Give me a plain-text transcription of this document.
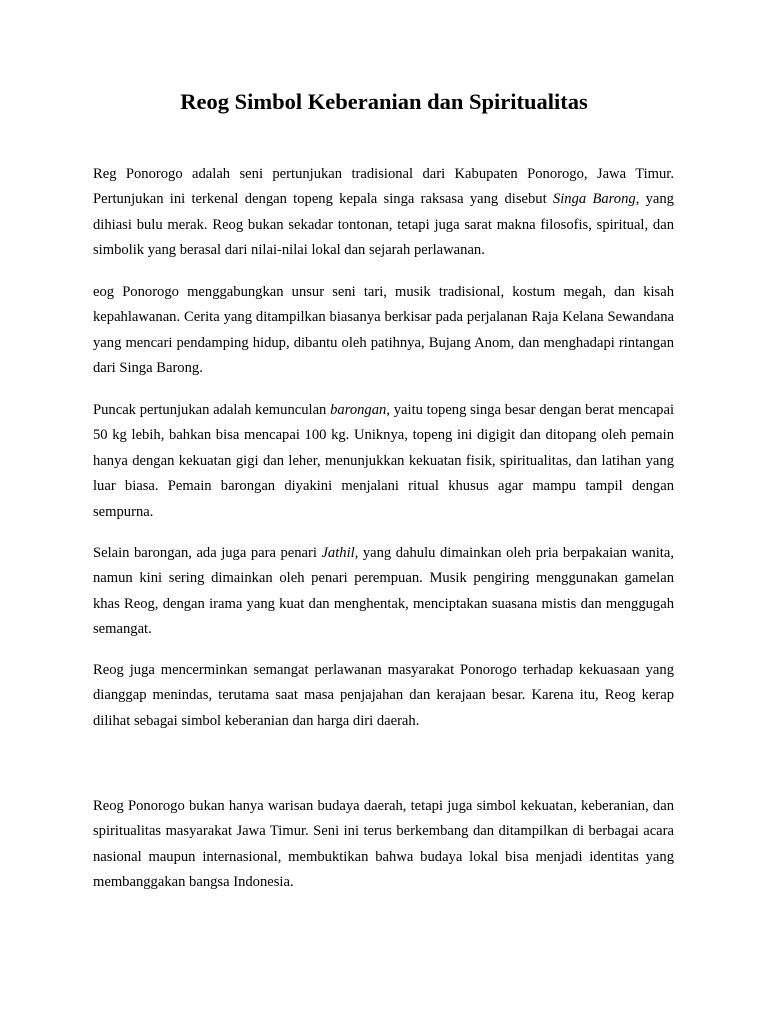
Reog Simbol Keberanian dan Spiritualitas

Reg Ponorogo adalah seni pertunjukan tradisional dari Kabupaten Ponorogo, Jawa Timur. Pertunjukan ini terkenal dengan topeng kepala singa raksasa yang disebut Singa Barong, yang dihiasi bulu merak. Reog bukan sekadar tontonan, tetapi juga sarat makna filosofis, spiritual, dan simbolik yang berasal dari nilai-nilai lokal dan sejarah perlawanan.

eog Ponorogo menggabungkan unsur seni tari, musik tradisional, kostum megah, dan kisah kepahlawanan. Cerita yang ditampilkan biasanya berkisar pada perjalanan Raja Kelana Sewandana yang mencari pendamping hidup, dibantu oleh patihnya, Bujang Anom, dan menghadapi rintangan dari Singa Barong.

Puncak pertunjukan adalah kemunculan barongan, yaitu topeng singa besar dengan berat mencapai 50 kg lebih, bahkan bisa mencapai 100 kg. Uniknya, topeng ini digigit dan ditopang oleh pemain hanya dengan kekuatan gigi dan leher, menunjukkan kekuatan fisik, spiritualitas, dan latihan yang luar biasa. Pemain barongan diyakini menjalani ritual khusus agar mampu tampil dengan sempurna.

Selain barongan, ada juga para penari Jathil, yang dahulu dimainkan oleh pria berpakaian wanita, namun kini sering dimainkan oleh penari perempuan. Musik pengiring menggunakan gamelan khas Reog, dengan irama yang kuat dan menghentak, menciptakan suasana mistis dan menggugah semangat.

Reog juga mencerminkan semangat perlawanan masyarakat Ponorogo terhadap kekuasaan yang dianggap menindas, terutama saat masa penjajahan dan kerajaan besar. Karena itu, Reog kerap dilihat sebagai simbol keberanian dan harga diri daerah.

Reog Ponorogo bukan hanya warisan budaya daerah, tetapi juga simbol kekuatan, keberanian, dan spiritualitas masyarakat Jawa Timur. Seni ini terus berkembang dan ditampilkan di berbagai acara nasional maupun internasional, membuktikan bahwa budaya lokal bisa menjadi identitas yang membanggakan bangsa Indonesia.
